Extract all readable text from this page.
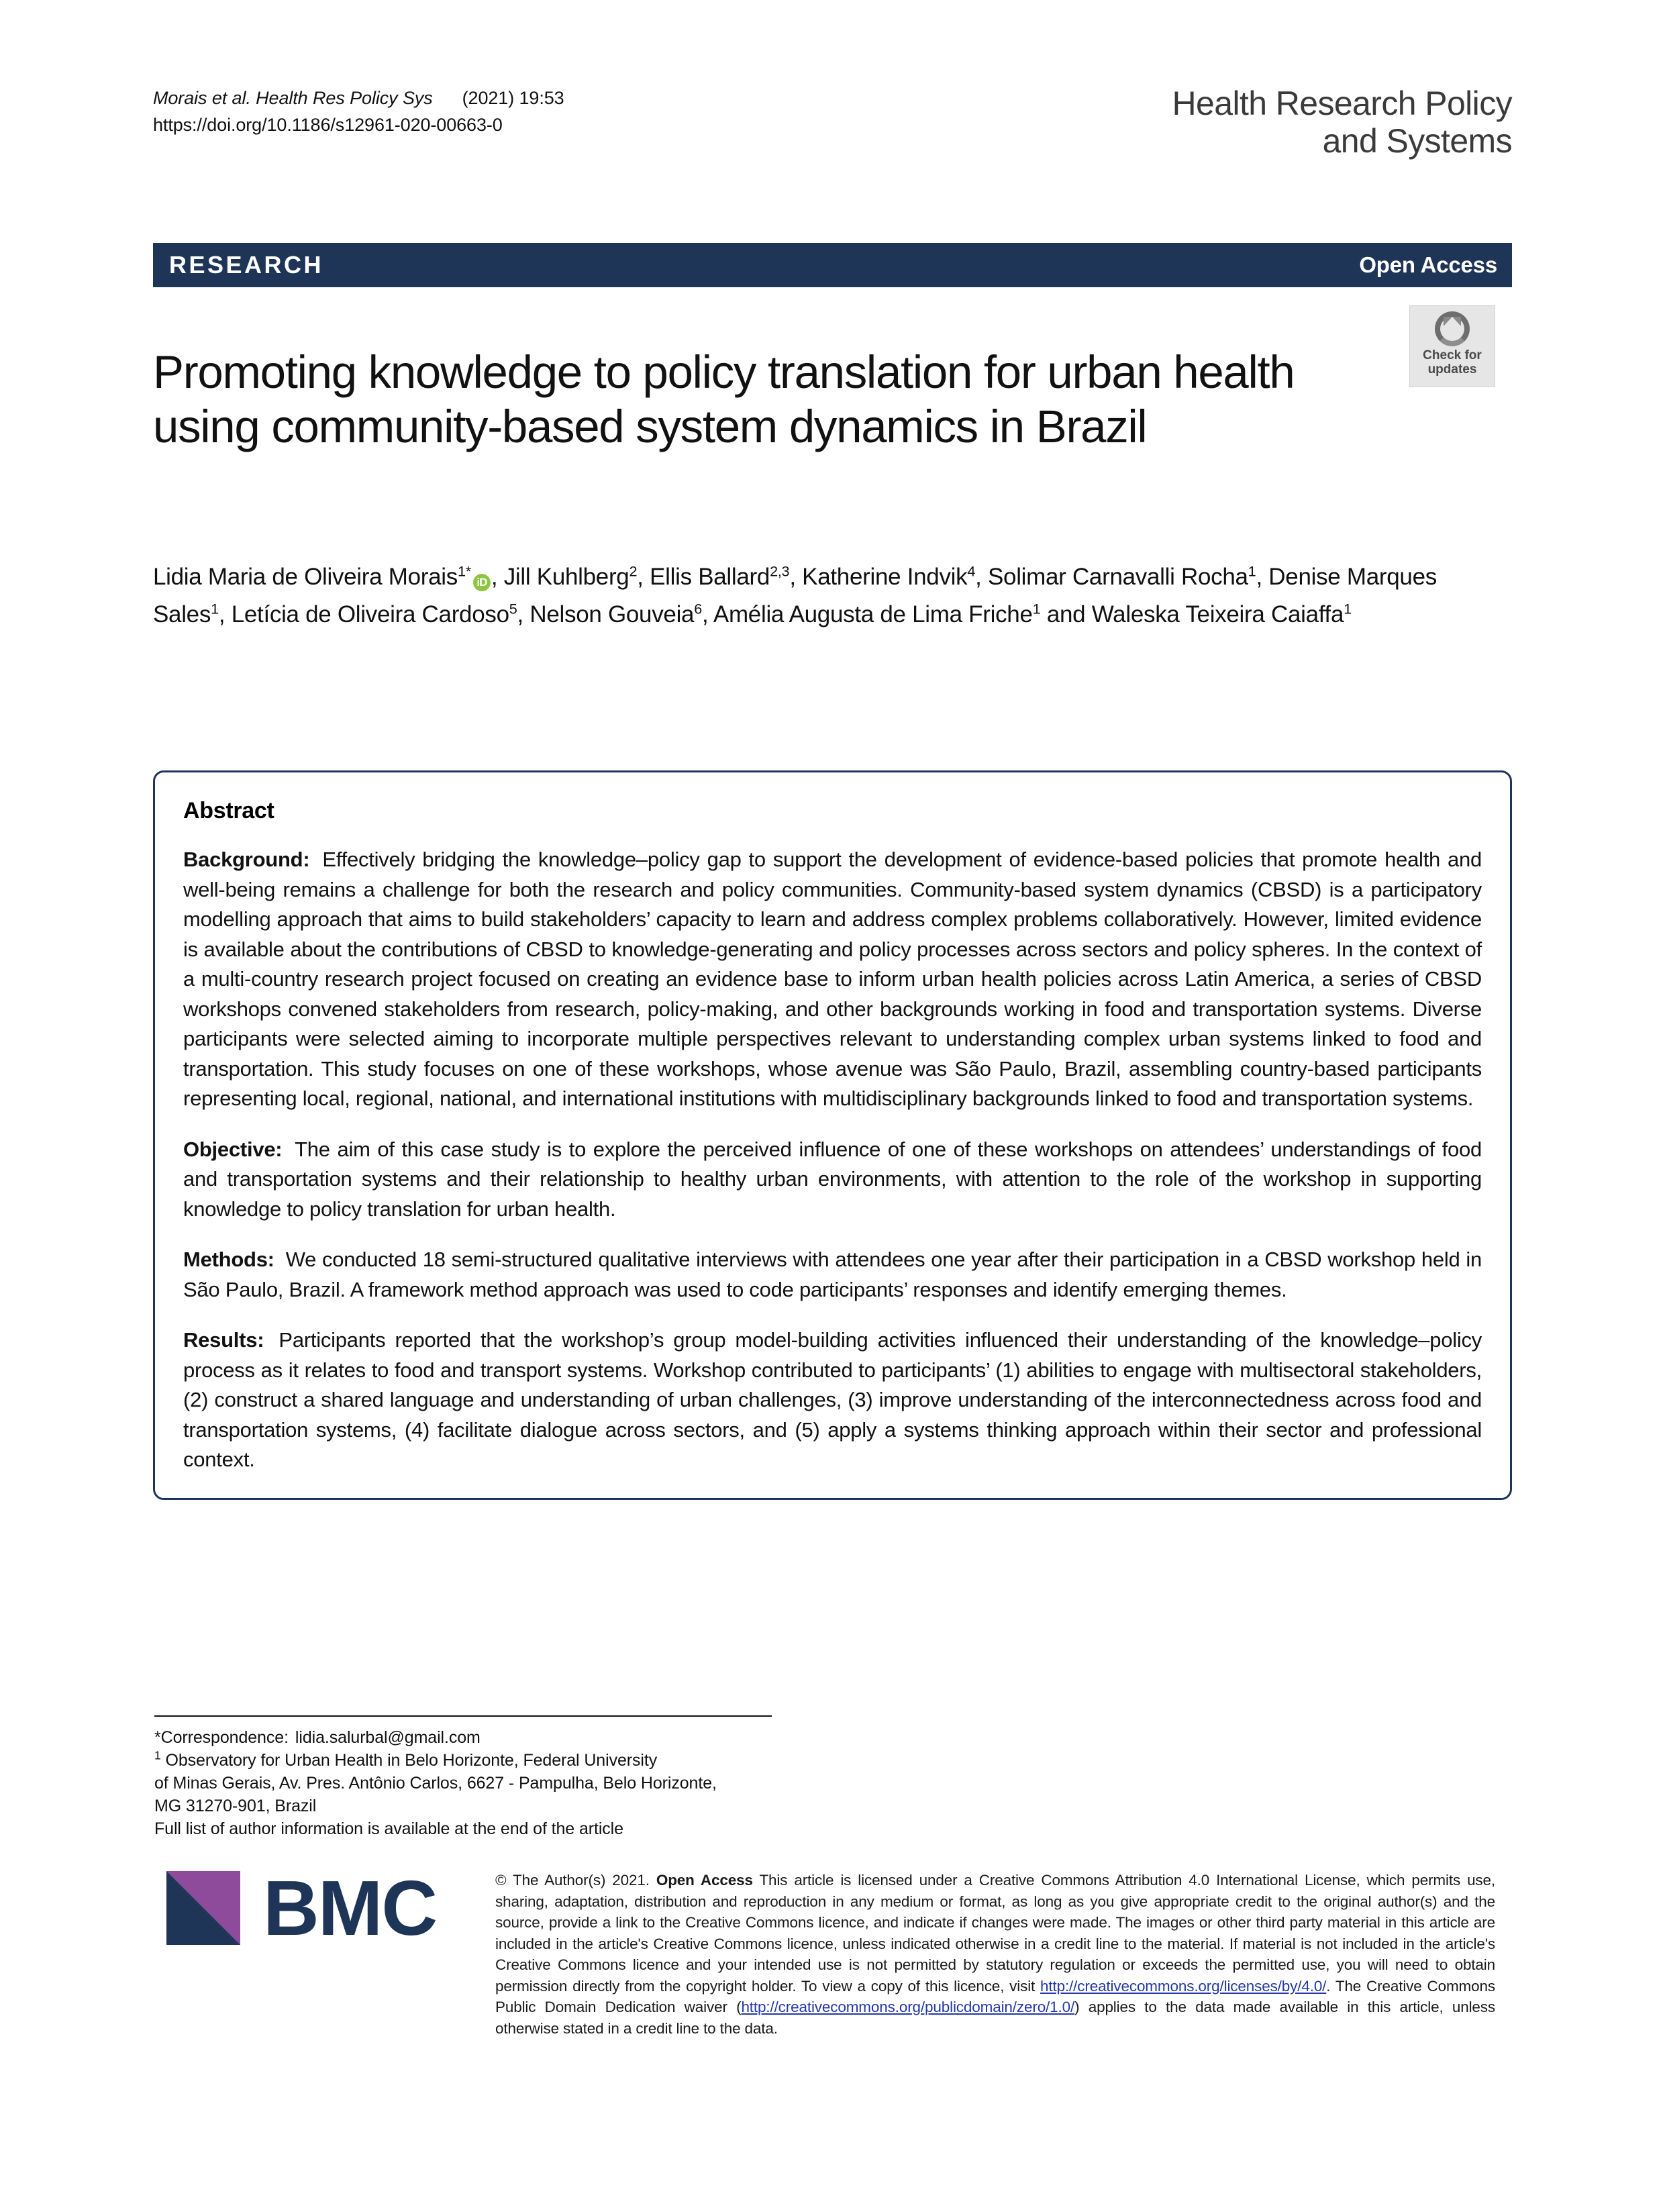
Morais et al. Health Res Policy Sys (2021) 19:53
https://doi.org/10.1186/s12961-020-00663-0
Health Research Policy
and Systems
RESEARCH	Open Access
Promoting knowledge to policy translation for urban health using community-based system dynamics in Brazil
Check for
updates
Lidia Maria de Oliveira Morais$^{1*}$iD , Jill Kuhlberg$^2$, Ellis Ballard$^{2,3}$, Katherine Indvik$^4$, Solimar Carnavalli Rocha$^1$, Denise Marques Sales$^1$, Letícia de Oliveira Cardoso$^5$, Nelson Gouveia$^6$, Amélia Augusta de Lima Friche$^1$ and Waleska Teixeira Caiaffa$^1$
Abstract

Background: Effectively bridging the knowledge–policy gap to support the development of evidence-based policies that promote health and well-being remains a challenge for both the research and policy communities. Community-based system dynamics (CBSD) is a participatory modelling approach that aims to build stakeholders’ capacity to learn and address complex problems collaboratively. However, limited evidence is available about the contributions of CBSD to knowledge-generating and policy processes across sectors and policy spheres. In the context of a multi-country research project focused on creating an evidence base to inform urban health policies across Latin America, a series of CBSD workshops convened stakeholders from research, policy-making, and other backgrounds working in food and transportation systems. Diverse participants were selected aiming to incorporate multiple perspectives relevant to understanding complex urban systems linked to food and transportation. This study focuses on one of these workshops, whose avenue was São Paulo, Brazil, assembling country-based participants representing local, regional, national, and international institutions with multidisciplinary backgrounds linked to food and transportation systems.

Objective: The aim of this case study is to explore the perceived influence of one of these workshops on attendees’ understandings of food and transportation systems and their relationship to healthy urban environments, with attention to the role of the workshop in supporting knowledge to policy translation for urban health.

Methods: We conducted 18 semi-structured qualitative interviews with attendees one year after their participation in a CBSD workshop held in São Paulo, Brazil. A framework method approach was used to code participants’ responses and identify emerging themes.

Results: Participants reported that the workshop’s group model-building activities influenced their understanding of the knowledge–policy process as it relates to food and transport systems. Workshop contributed to participants’ (1) abilities to engage with multisectoral stakeholders, (2) construct a shared language and understanding of urban challenges, (3) improve understanding of the interconnectedness across food and transportation systems, (4) facilitate dialogue across sectors, and (5) apply a systems thinking approach within their sector and professional context.

*Correspondence: lidia.salurbal@gmail.com
$^1$ Observatory for Urban Health in Belo Horizonte, Federal University
of Minas Gerais, Av. Pres. Antônio Carlos, 6627 - Pampulha, Belo Horizonte,
MG 31270-901, Brazil
Full list of author information is available at the end of the article
BMC	© The Author(s) 2021. Open Access This article is licensed under a Creative Commons Attribution 4.0 International License, which permits use, sharing, adaptation, distribution and reproduction in any medium or format, as long as you give appropriate credit to the original author(s) and the source, provide a link to the Creative Commons licence, and indicate if changes were made. The images or other third party material in this article are included in the article's Creative Commons licence, unless indicated otherwise in a credit line to the material. If material is not included in the article's Creative Commons licence and your intended use is not permitted by statutory regulation or exceeds the permitted use, you will need to obtain permission directly from the copyright holder. To view a copy of this licence, visit http://creativecommons.org/licenses/by/4.0/. The Creative Commons Public Domain Dedication waiver (http://creativecommons.org/publicdomain/zero/1.0/) applies to the data made available in this article, unless otherwise stated in a credit line to the data.
